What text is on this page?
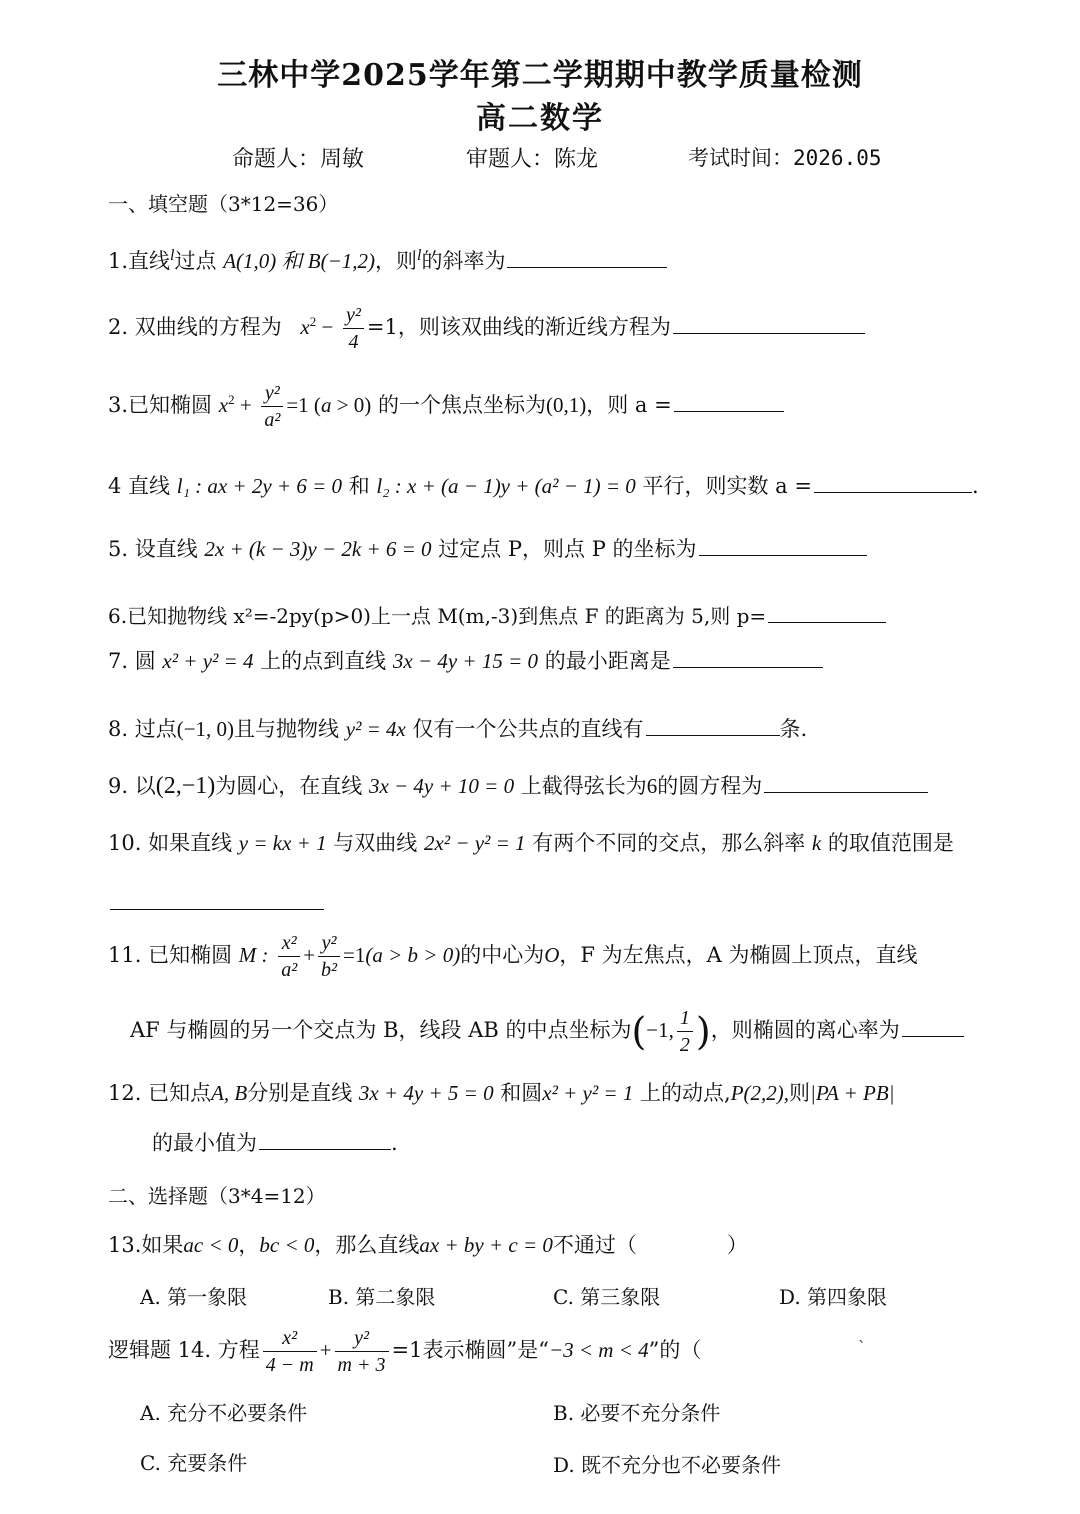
三林中学2025学年第二学期期中教学质量检测
高二数学
命题人：周敏	审题人：陈龙	考试时间：2026.05
一、填空题（3*12=36）
1.直线$^l$过点 A(1,0) 和 B(−1,2)，则$^l$的斜率为
2. 双曲线的方程为 $x^2 - \frac{\text{y²}}{4} =1$，则该双曲线的渐近线方程为
3.已知椭圆 $x^2 + \frac{\text{y²}}{\text{a²}} =1$ (a > 0) 的一个焦点坐标为(0,1)，则 a =
4 直线 l₁ : ax + 2y + 6 = 0 和 l₂ : x + (a − 1)y + (a² − 1) = 0 平行，则实数 a =	.
5. 设直线 2x + (k − 3)y − 2k + 6 = 0 过定点 P，则点 P 的坐标为
6.已知抛物线 x²=-2py(p>0)上一点 M(m,-3)到焦点 F 的距离为 5,则 p=
7. 圆 x² + y² = 4 上的点到直线 3x − 4y + 15 = 0 的最小距离是
8. 过点(−1, 0)且与抛物线 y² = 4x 仅有一个公共点的直线有	条.
9. 以(2,−1)为圆心，在直线 3x − 4y + 10 = 0 上截得弦长为6的圆方程为
10. 如果直线 y = kx + 1 与双曲线 2x² − y² = 1 有两个不同的交点，那么斜率 k 的取值范围是
11. 已知椭圆 M : $\frac{\text{x²}}{\text{a²}} + \frac{\text{y²}}{\text{b²}} =1(a > b > 0)$的中心为O，F 为左焦点，A 为椭圆上顶点，直线
AF 与椭圆的另一个交点为 B，线段 AB 的中点坐标为(−1, $\frac{1}{2}$ )，则椭圆的离心率为
12. 已知点A, B分别是直线 3x + 4y + 5 = 0 和圆x² + y² = 1 上的动点,P(2,2),则|PA + PB|
的最小值为	.
二、选择题（3*4=12）
13.如果ac < 0，bc < 0，那么直线ax + by + c = 0不通过（	）
A. 第一象限	B. 第二象限	C. 第三象限	D. 第四象限
逻辑题 14. 方程 $\frac{\text{x²}}{4 - m} + \frac{\text{y²}}{m + 3} =1$表示椭圆”是“−3 < m < 4”的（	`
A. 充分不必要条件	B. 必要不充分条件
C. 充要条件	D. 既不充分也不必要条件
